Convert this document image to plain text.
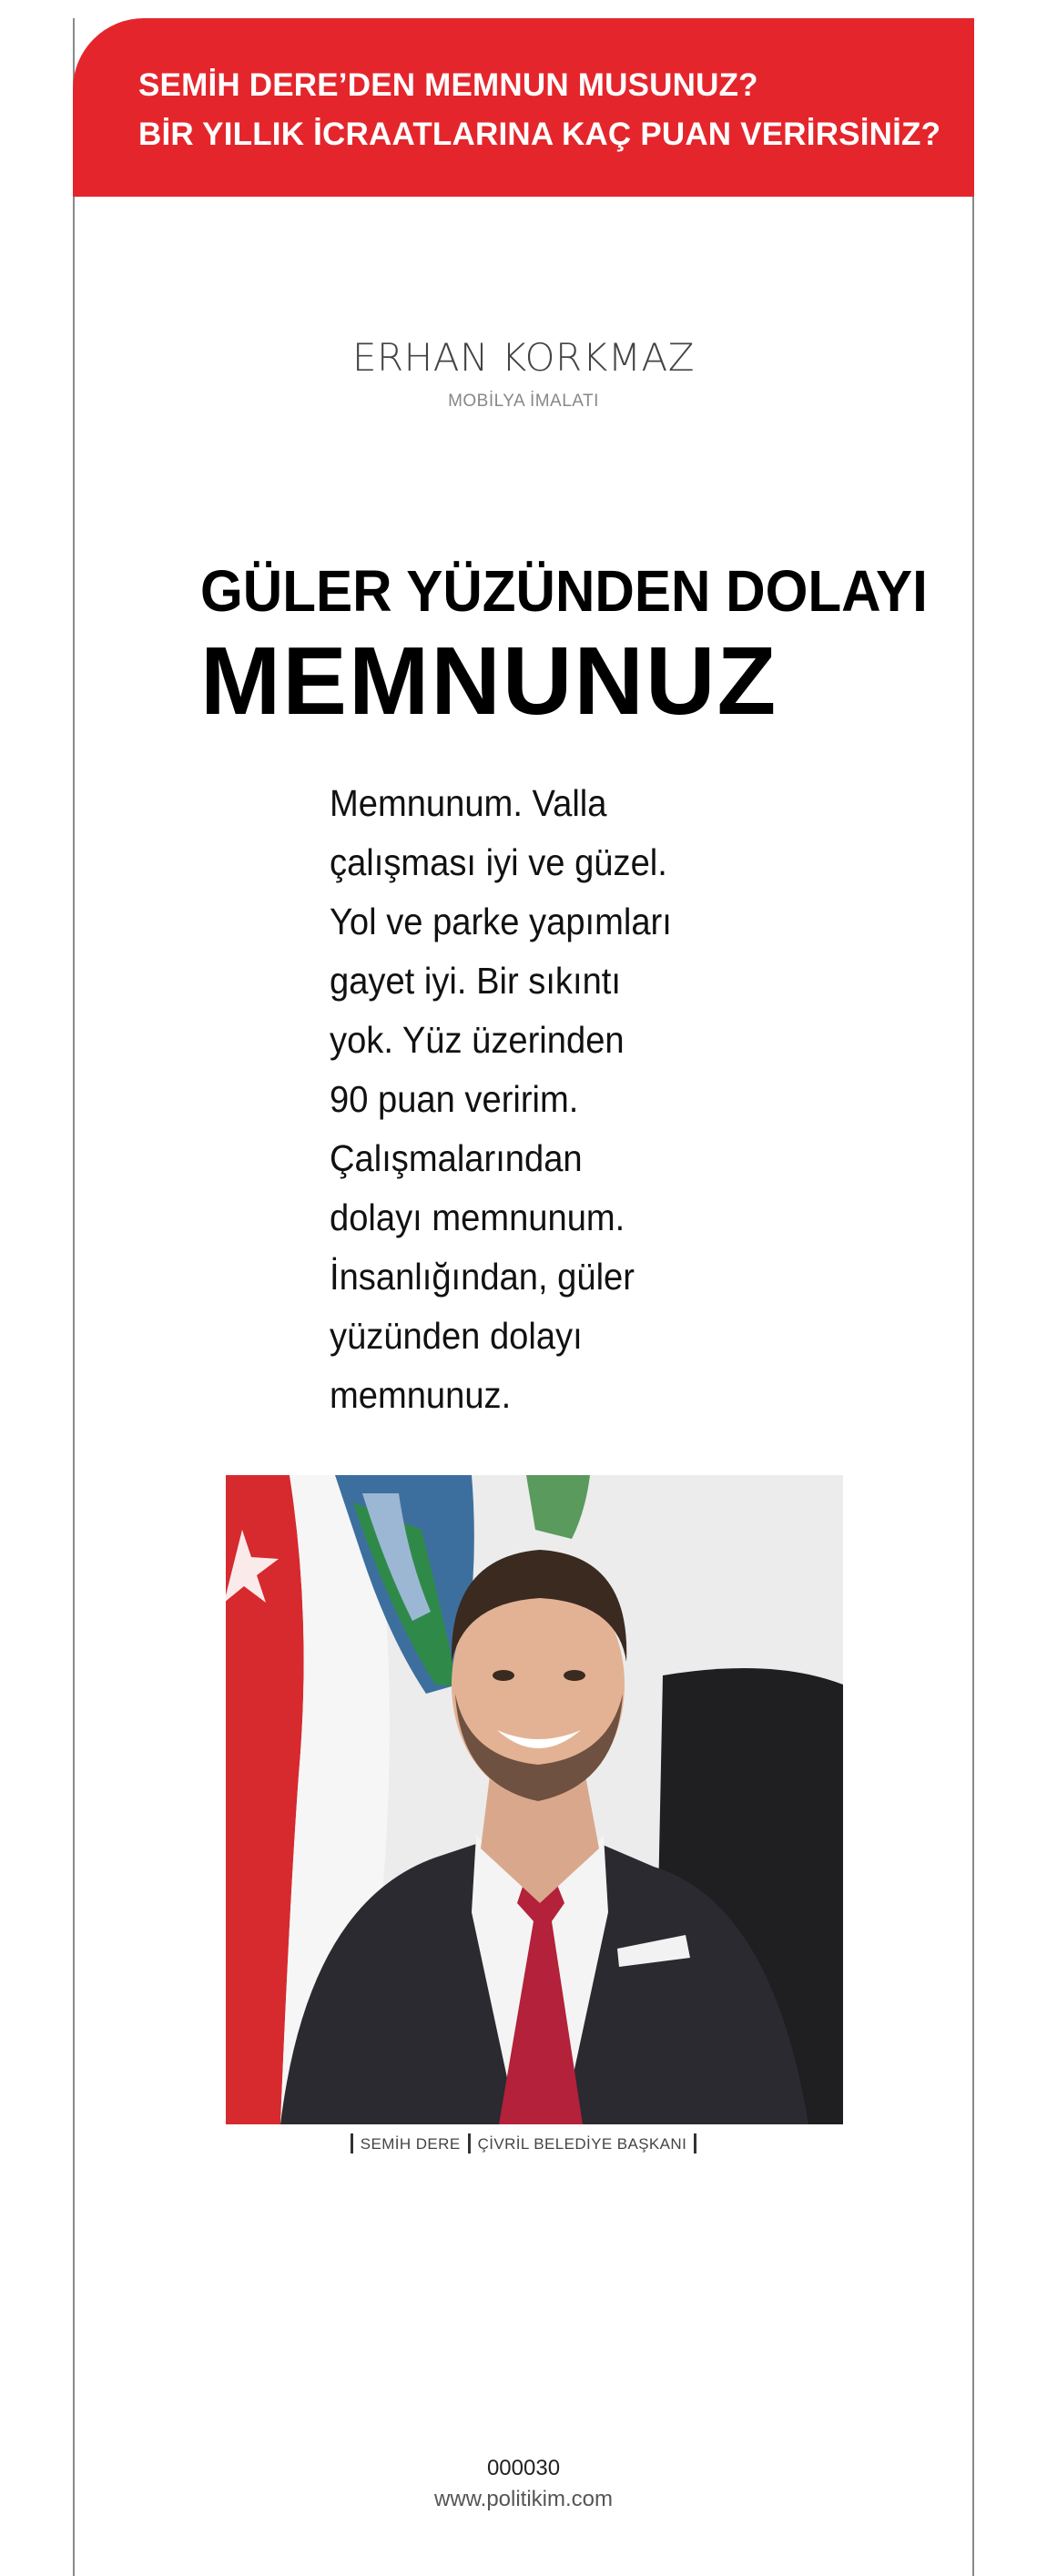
SEMİH DERE’DEN MEMNUN MUSUNUZ?
BİR YILLIK İCRAATLARINA KAÇ PUAN VERİRSİNİZ?
ERHAN KORKMAZ
MOBİLYA İMALATI
GÜLER YÜZÜNDEN DOLAYI
MEMNUNUZ
Memnunum. Valla
çalışması iyi ve güzel.
Yol ve parke yapımları
gayet iyi. Bir sıkıntı
yok. Yüz üzerinden
90 puan veririm.
Çalışmalarından
dolayı memnunum.
İnsanlığından, güler
yüzünden dolayı
memnunuz.
SEMİH DERE ÇİVRİL BELEDİYE BAŞKANI
000030
www.politikim.com
